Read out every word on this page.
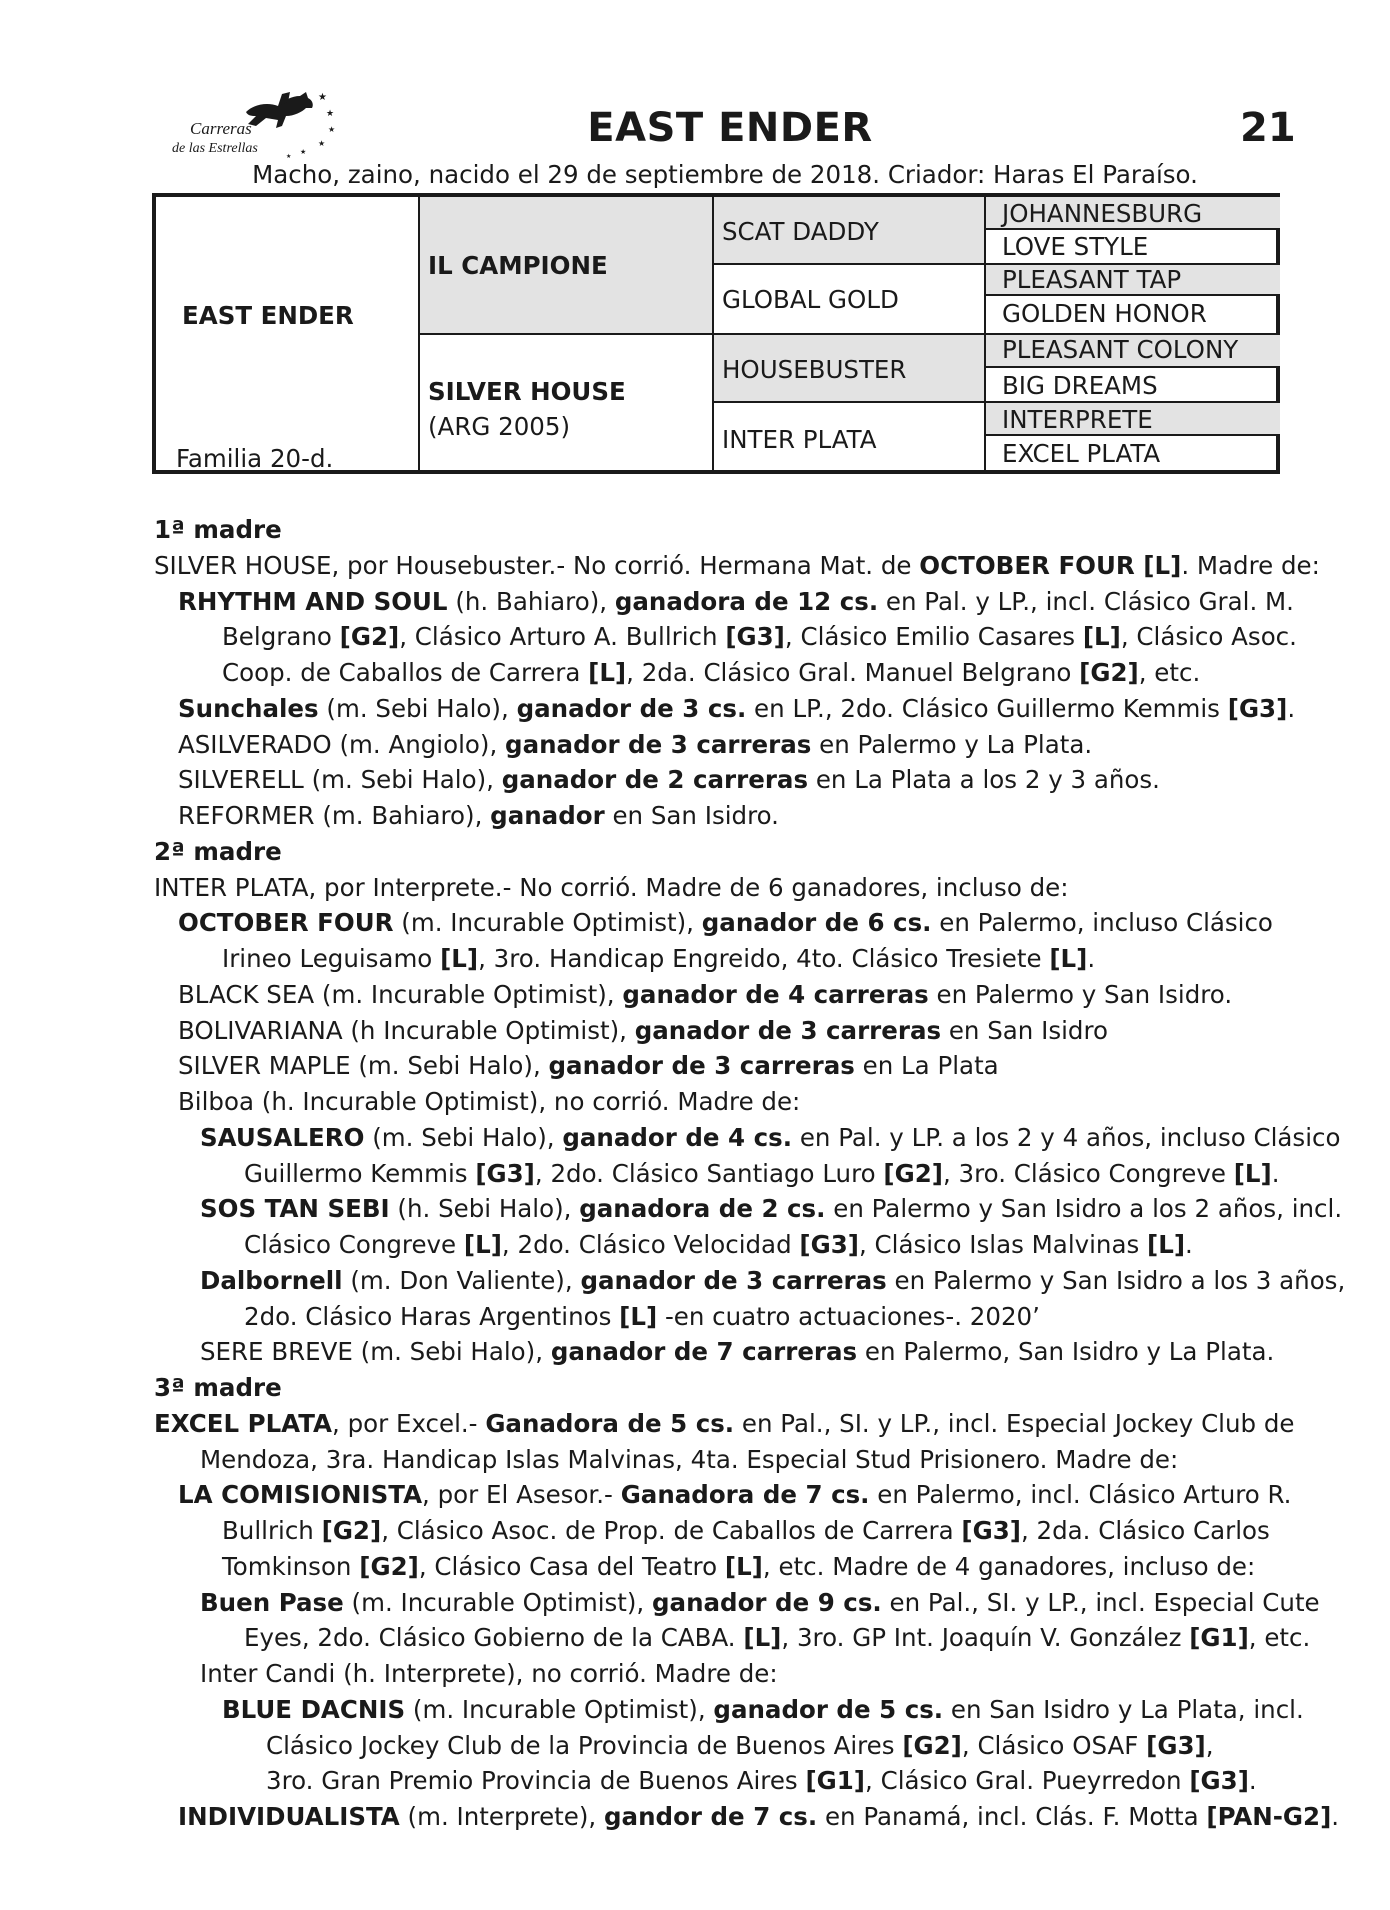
★
★
★
★
★
★
Carreras
de las Estrellas	EAST ENDER	21
Macho, zaino, nacido el 29 de septiembre de 2018. Criador: Haras El Paraíso.
EAST ENDER
Familia 20-d.
IL CAMPIONE
SILVER HOUSE
(ARG 2005)
SCAT DADDY
GLOBAL GOLD
HOUSEBUSTER
INTER PLATA
JOHANNESBURG
LOVE STYLE
PLEASANT TAP
GOLDEN HONOR
PLEASANT COLONY
BIG DREAMS
INTERPRETE
EXCEL PLATA
1ª madre
SILVER HOUSE, por Housebuster.- No corrió. Hermana Mat. de OCTOBER FOUR [L]. Madre de:
RHYTHM AND SOUL (h. Bahiaro), ganadora de 12 cs. en Pal. y LP., incl. Clásico Gral. M.
Belgrano [G2], Clásico Arturo A. Bullrich [G3], Clásico Emilio Casares [L], Clásico Asoc.
Coop. de Caballos de Carrera [L], 2da. Clásico Gral. Manuel Belgrano [G2], etc.
Sunchales (m. Sebi Halo), ganador de 3 cs. en LP., 2do. Clásico Guillermo Kemmis [G3].
ASILVERADO (m. Angiolo), ganador de 3 carreras en Palermo y La Plata.
SILVERELL (m. Sebi Halo), ganador de 2 carreras en La Plata a los 2 y 3 años.
REFORMER (m. Bahiaro), ganador en San Isidro.
2ª madre
INTER PLATA, por Interprete.- No corrió. Madre de 6 ganadores, incluso de:
OCTOBER FOUR (m. Incurable Optimist), ganador de 6 cs. en Palermo, incluso Clásico
Irineo Leguisamo [L], 3ro. Handicap Engreido, 4to. Clásico Tresiete [L].
BLACK SEA (m. Incurable Optimist), ganador de 4 carreras en Palermo y San Isidro.
BOLIVARIANA (h Incurable Optimist), ganador de 3 carreras en San Isidro
SILVER MAPLE (m. Sebi Halo), ganador de 3 carreras en La Plata
Bilboa (h. Incurable Optimist), no corrió. Madre de:
SAUSALERO (m. Sebi Halo), ganador de 4 cs. en Pal. y LP. a los 2 y 4 años, incluso Clásico
Guillermo Kemmis [G3], 2do. Clásico Santiago Luro [G2], 3ro. Clásico Congreve [L].
SOS TAN SEBI (h. Sebi Halo), ganadora de 2 cs. en Palermo y San Isidro a los 2 años, incl.
Clásico Congreve [L], 2do. Clásico Velocidad [G3], Clásico Islas Malvinas [L].
Dalbornell (m. Don Valiente), ganador de 3 carreras en Palermo y San Isidro a los 3 años,
2do. Clásico Haras Argentinos [L] -en cuatro actuaciones-. 2020’
SERE BREVE (m. Sebi Halo), ganador de 7 carreras en Palermo, San Isidro y La Plata.
3ª madre
EXCEL PLATA, por Excel.- Ganadora de 5 cs. en Pal., SI. y LP., incl. Especial Jockey Club de
Mendoza, 3ra. Handicap Islas Malvinas, 4ta. Especial Stud Prisionero. Madre de:
LA COMISIONISTA, por El Asesor.- Ganadora de 7 cs. en Palermo, incl. Clásico Arturo R.
Bullrich [G2], Clásico Asoc. de Prop. de Caballos de Carrera [G3], 2da. Clásico Carlos
Tomkinson [G2], Clásico Casa del Teatro [L], etc. Madre de 4 ganadores, incluso de:
Buen Pase (m. Incurable Optimist), ganador de 9 cs. en Pal., SI. y LP., incl. Especial Cute
Eyes, 2do. Clásico Gobierno de la CABA. [L], 3ro. GP Int. Joaquín V. González [G1], etc.
Inter Candi (h. Interprete), no corrió. Madre de:
BLUE DACNIS (m. Incurable Optimist), ganador de 5 cs. en San Isidro y La Plata, incl.
Clásico Jockey Club de la Provincia de Buenos Aires [G2], Clásico OSAF [G3],
3ro. Gran Premio Provincia de Buenos Aires [G1], Clásico Gral. Pueyrredon [G3].
INDIVIDUALISTA (m. Interprete), gandor de 7 cs. en Panamá, incl. Clás. F. Motta [PAN-G2].
